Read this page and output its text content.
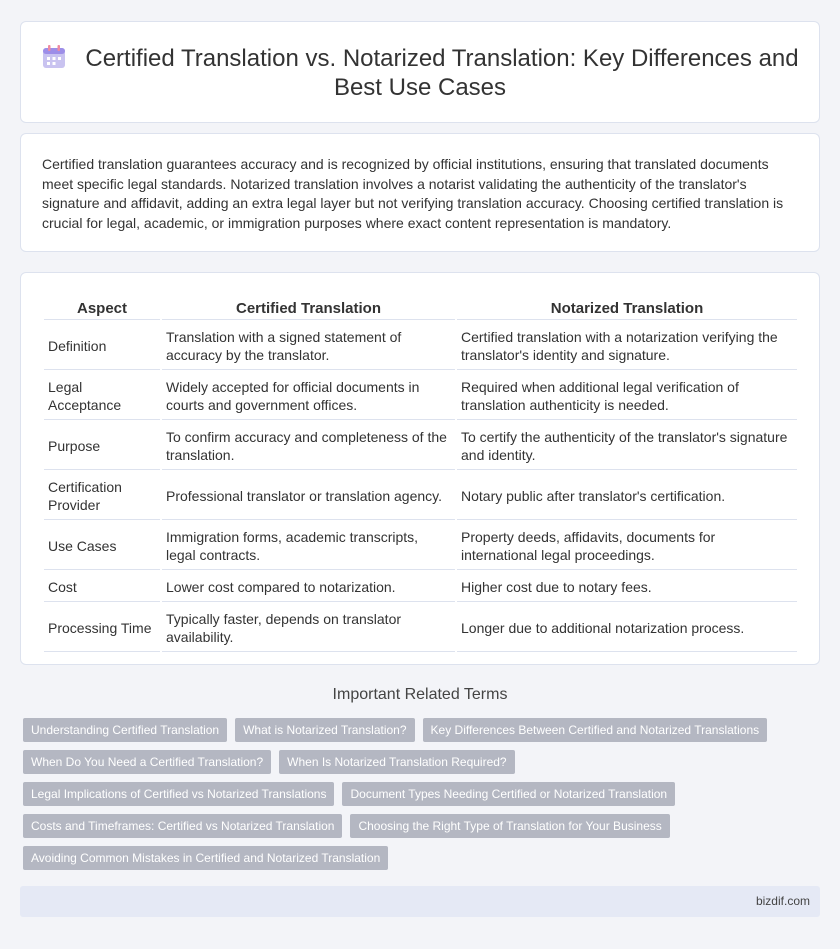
Certified Translation vs. Notarized Translation: Key Differences and Best Use Cases

Certified translation guarantees accuracy and is recognized by official institutions, ensuring that translated documents meet specific legal standards. Notarized translation involves a notarist validating the authenticity of the translator's signature and affidavit, adding an extra legal layer but not verifying translation accuracy. Choosing certified translation is crucial for legal, academic, or immigration purposes where exact content representation is mandatory.

Aspect	Certified Translation	Notarized Translation
Definition	Translation with a signed statement of accuracy by the translator.	Certified translation with a notarization verifying the translator's identity and signature.
Legal Acceptance	Widely accepted for official documents in courts and government offices.	Required when additional legal verification of translation authenticity is needed.
Purpose	To confirm accuracy and completeness of the translation.	To certify the authenticity of the translator's signature and identity.
Certification Provider	Professional translator or translation agency.	Notary public after translator's certification.
Use Cases	Immigration forms, academic transcripts, legal contracts.	Property deeds, affidavits, documents for international legal proceedings.
Cost	Lower cost compared to notarization.	Higher cost due to notary fees.
Processing Time	Typically faster, depends on translator availability.	Longer due to additional notarization process.
Important Related Terms
Understanding Certified Translation	What is Notarized Translation?	Key Differences Between Certified and Notarized Translations
When Do You Need a Certified Translation?	When Is Notarized Translation Required?
Legal Implications of Certified vs Notarized Translations	Document Types Needing Certified or Notarized Translation
Costs and Timeframes: Certified vs Notarized Translation	Choosing the Right Type of Translation for Your Business
Avoiding Common Mistakes in Certified and Notarized Translation
bizdif.com
